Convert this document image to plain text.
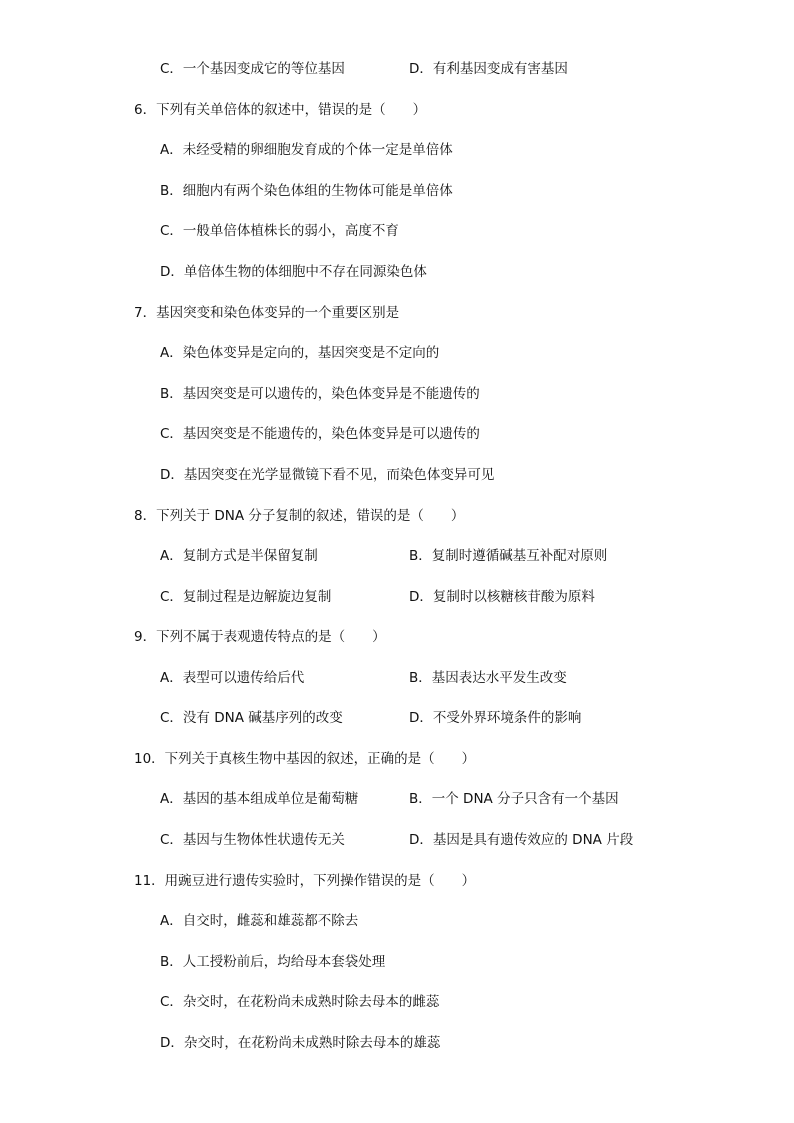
C．一个基因变成它的等位基因	D．有利基因变成有害基因
6．下列有关单倍体的叙述中，错误的是（　　）
A．未经受精的卵细胞发育成的个体一定是单倍体
B．细胞内有两个染色体组的生物体可能是单倍体
C．一般单倍体植株长的弱小，高度不育
D．单倍体生物的体细胞中不存在同源染色体
7．基因突变和染色体变异的一个重要区别是
A．染色体变异是定向的，基因突变是不定向的
B．基因突变是可以遗传的，染色体变异是不能遗传的
C．基因突变是不能遗传的，染色体变异是可以遗传的
D．基因突变在光学显微镜下看不见，而染色体变异可见
8．下列关于 DNA 分子复制的叙述，错误的是（　　）
A．复制方式是半保留复制	B．复制时遵循碱基互补配对原则
C．复制过程是边解旋边复制	D．复制时以核糖核苷酸为原料
9．下列不属于表观遗传特点的是（　　）
A．表型可以遗传给后代	B．基因表达水平发生改变
C．没有 DNA 碱基序列的改变	D．不受外界环境条件的影响
10．下列关于真核生物中基因的叙述，正确的是（　　）
A．基因的基本组成单位是葡萄糖	B．一个 DNA 分子只含有一个基因
C．基因与生物体性状遗传无关	D．基因是具有遗传效应的 DNA 片段
11．用豌豆进行遗传实验时，下列操作错误的是（　　）
A．自交时，雌蕊和雄蕊都不除去
B．人工授粉前后，均给母本套袋处理
C．杂交时，在花粉尚未成熟时除去母本的雌蕊
D．杂交时，在花粉尚未成熟时除去母本的雄蕊
